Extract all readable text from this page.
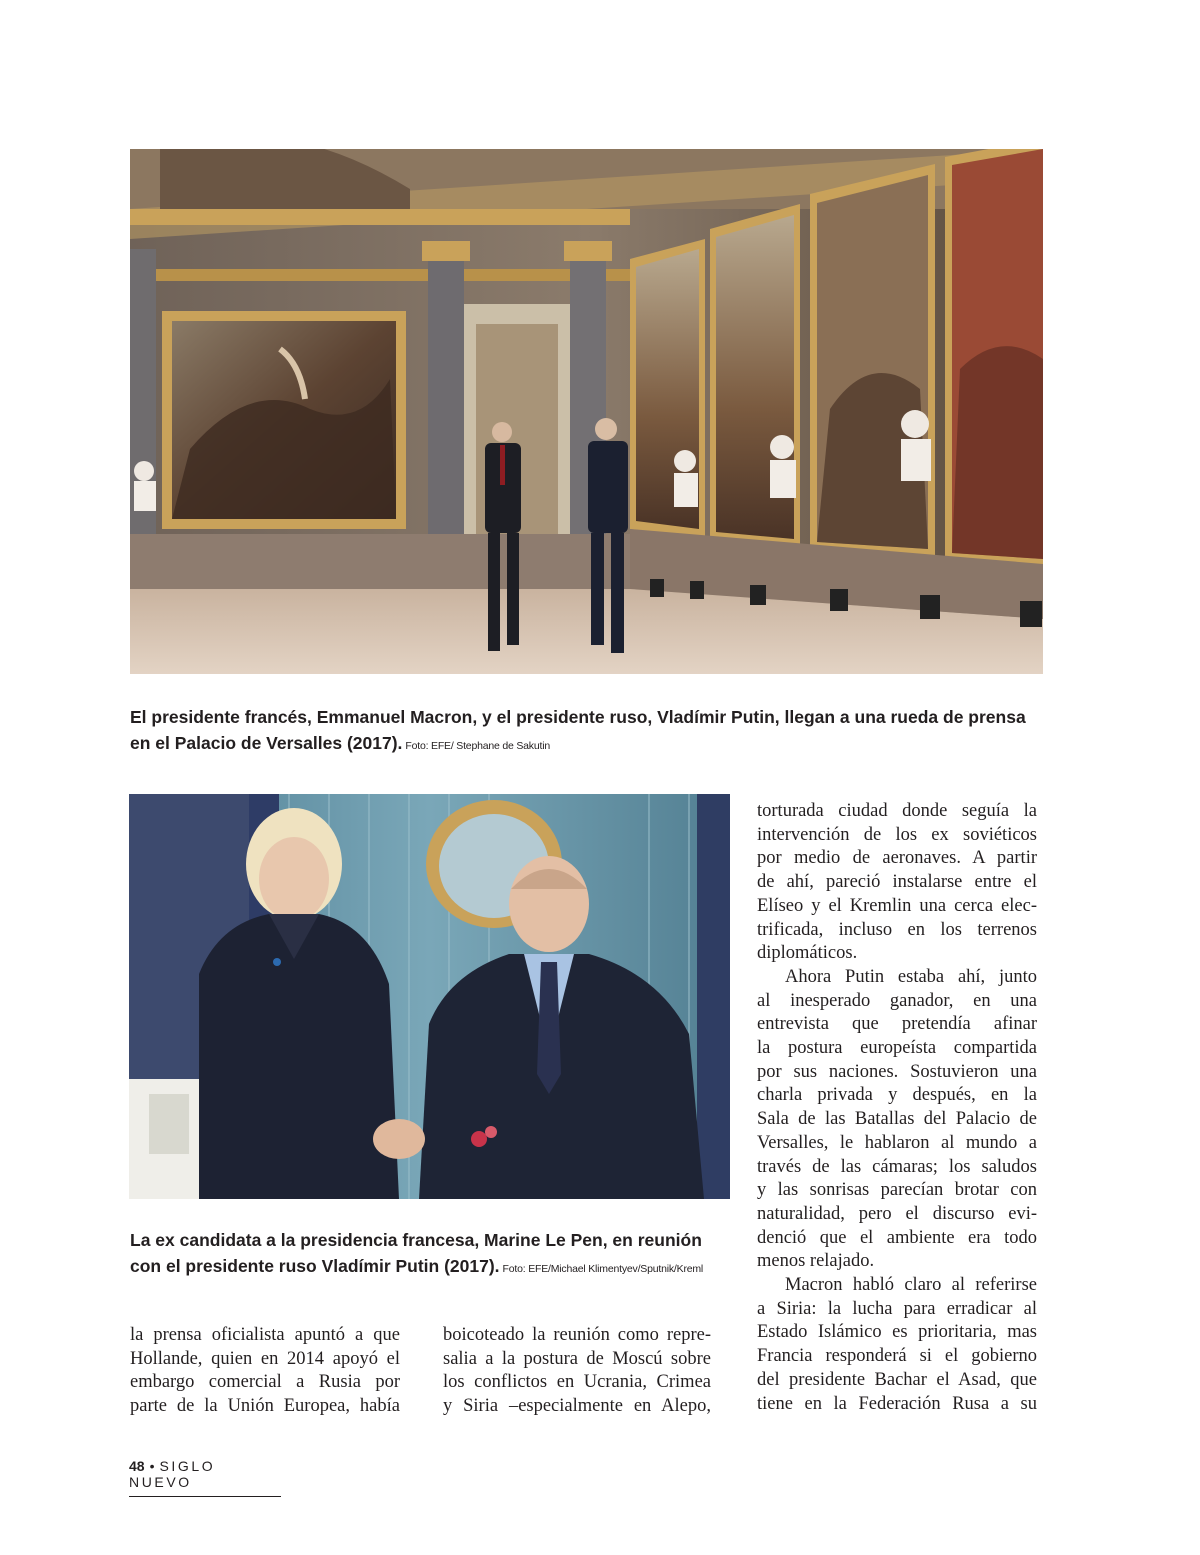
El presidente francés, Emmanuel Macron, y el presidente ruso, Vladímir Putin, llegan a una rueda de prensa en el Palacio de Versalles (2017). Foto: EFE/ Stephane de Sakutin
La ex candidata a la presidencia francesa, Marine Le Pen, en reunión con el presidente ruso Vladímir Putin (2017). Foto: EFE/Michael Klimentyev/Sputnik/Kreml

torturada ciudad donde seguía la
intervención de los ex soviéticos
por medio de aeronaves. A partir
de ahí, pareció instalarse entre el
Elíseo y el Kremlin una cerca elec-
trificada, incluso en los terrenos
diplomáticos.

Ahora Putin estaba ahí, junto
al inesperado ganador, en una
entrevista que pretendía afinar
la postura europeísta compartida
por sus naciones. Sostuvieron una
charla privada y después, en la
Sala de las Batallas del Palacio de
Versalles, le hablaron al mundo a
través de las cámaras; los saludos
y las sonrisas parecían brotar con
naturalidad, pero el discurso evi-
denció que el ambiente era todo
menos relajado.

Macron habló claro al referirse
a Siria: la lucha para erradicar al
Estado Islámico es prioritaria, mas
Francia responderá si el gobierno
del presidente Bachar el Asad, que
tiene en la Federación Rusa a su

la prensa oficialista apuntó a que
Hollande, quien en 2014 apoyó el
embargo comercial a Rusia por
parte de la Unión Europea, había

boicoteado la reunión como repre-
salia a la postura de Moscú sobre
los conflictos en Ucrania, Crimea
y Siria –especialmente en Alepo,

48 • SIGLO NUEVO
